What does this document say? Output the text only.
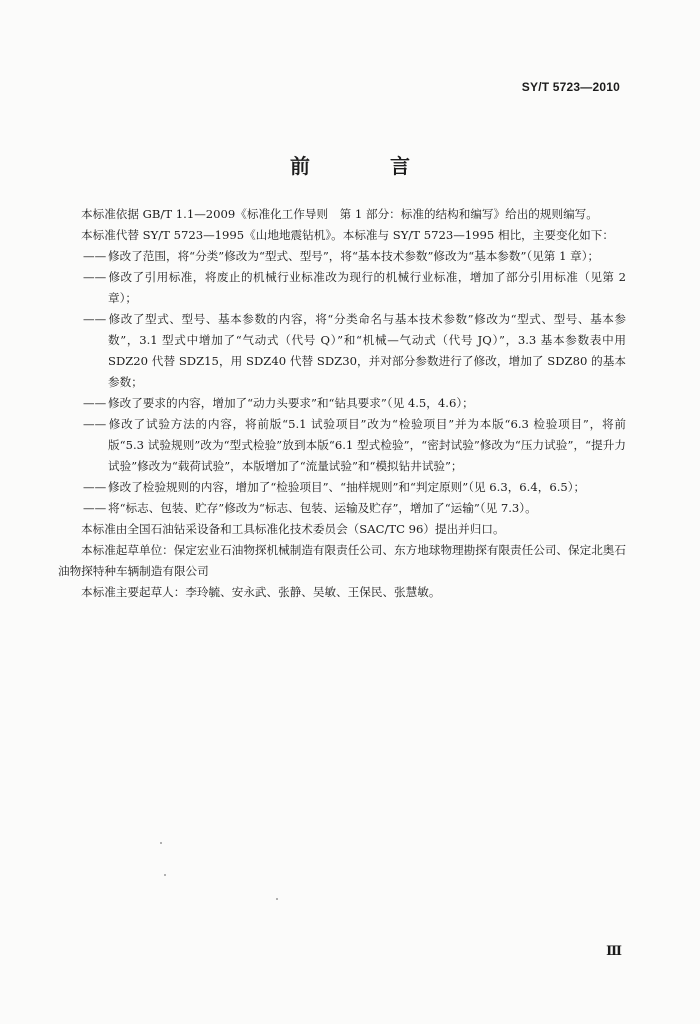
SY/T 5723—2010
前　言

本标准依据 GB/T 1.1—2009《标准化工作导则　第 1 部分：标准的结构和编写》给出的规则编写。

本标准代替 SY/T 5723—1995《山地地震钻机》。本标准与 SY/T 5723—1995 相比，主要变化如下：

—— 修改了范围，将“分类”修改为“型式、型号”，将“基本技术参数”修改为“基本参数”（见第 1 章）；

—— 修改了引用标准，将废止的机械行业标准改为现行的机械行业标准，增加了部分引用标准（见第 2 章）；

—— 修改了型式、型号、基本参数的内容，将“分类命名与基本技术参数”修改为“型式、型号、基本参数”，3.1 型式中增加了“气动式（代号 Q）”和“机械—气动式（代号 JQ）”，3.3 基本参数表中用 SDZ20 代替 SDZ15，用 SDZ40 代替 SDZ30，并对部分参数进行了修改，增加了 SDZ80 的基本参数；

—— 修改了要求的内容，增加了“动力头要求”和“钻具要求”（见 4.5，4.6）；

—— 修改了试验方法的内容，将前版“5.1 试验项目”改为“检验项目”并为本版“6.3 检验项目”，将前版“5.3 试验规则”改为“型式检验”放到本版“6.1 型式检验”，“密封试验”修改为“压力试验”，“提升力试验”修改为“载荷试验”，本版增加了“流量试验”和“模拟钻井试验”；

—— 修改了检验规则的内容，增加了“检验项目”、“抽样规则”和“判定原则”（见 6.3，6.4，6.5）；

—— 将“标志、包装、贮存”修改为“标志、包装、运输及贮存”，增加了“运输”（见 7.3）。

本标准由全国石油钻采设备和工具标准化技术委员会（SAC/TC 96）提出并归口。

本标准起草单位：保定宏业石油物探机械制造有限责任公司、东方地球物理勘探有限责任公司、保定北奥石油物探特种车辆制造有限公司

本标准主要起草人：李玲毓、安永武、张静、吴敏、王保民、张慧敏。

Ⅲ
